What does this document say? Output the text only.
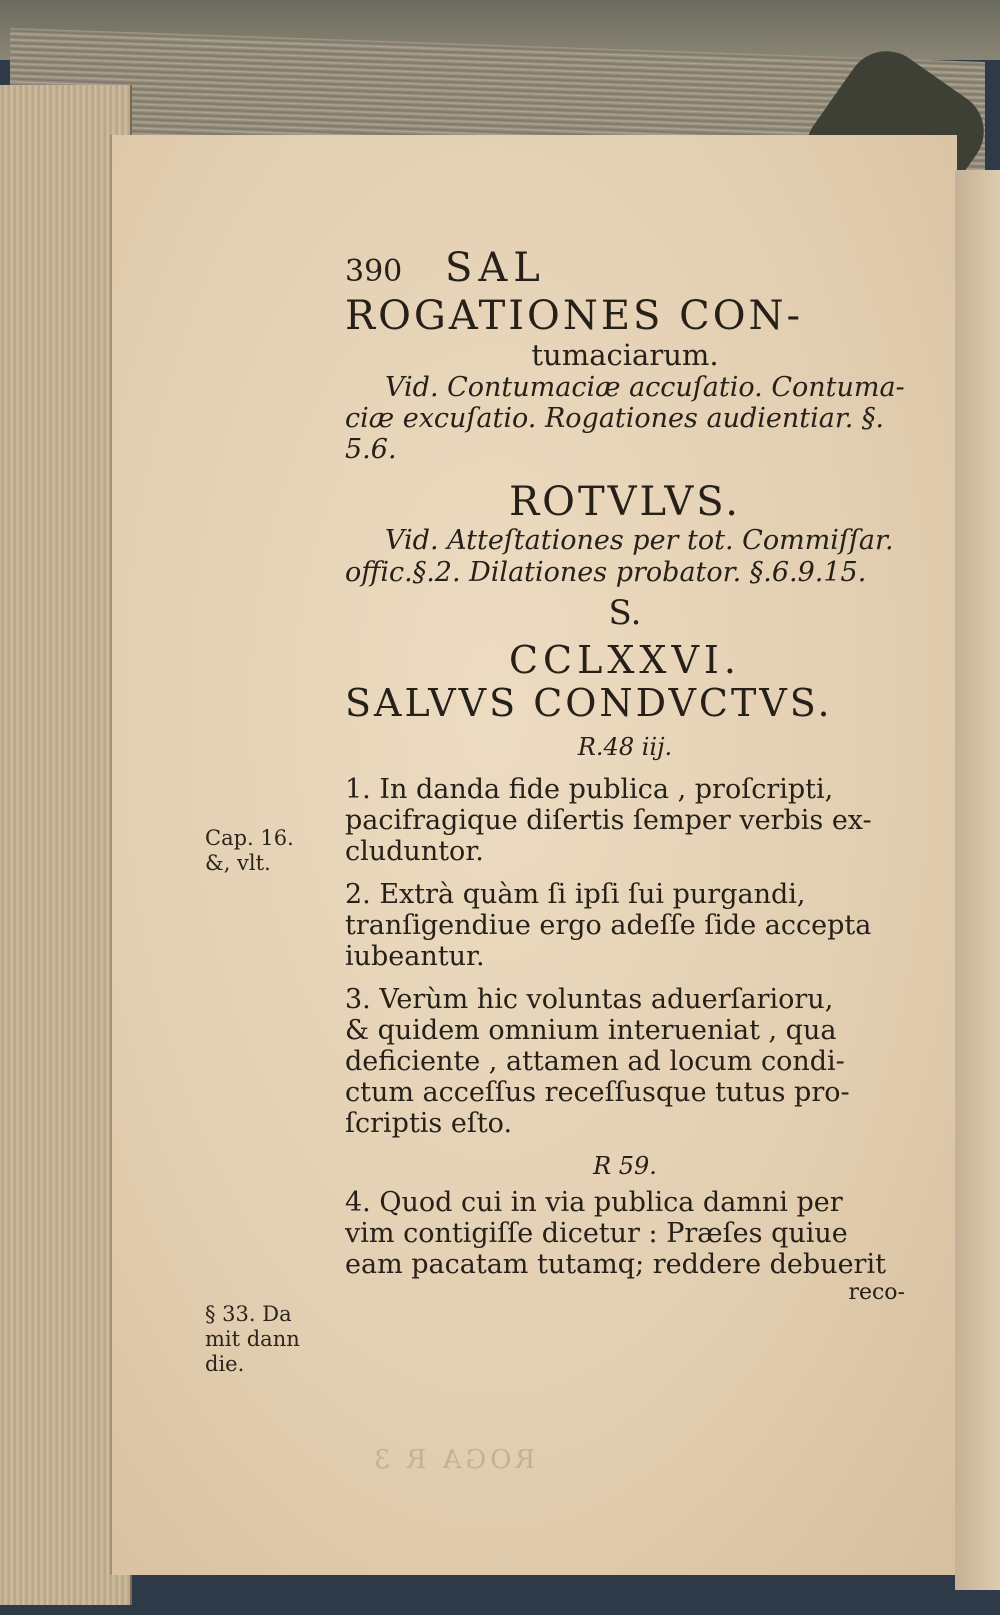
ROGA R 3
390	SAL
ROGATIONES CON-
tumaciarum.
Vid. Contumaciæ accuſatio. Contuma-
ciæ excuſatio. Rogationes audientiar. §.
5.6.
ROTVLVS.
Vid. Atteſtationes per tot. Commiſſar.
offic.§.2. Dilationes probator. §.6.9.15.
S.
CCLXXVI.
SALVVS CONDVCTVS.
R.48 iij.
1. In danda fide publica , proſcripti,
pacifragique diſertis ſemper verbis ex-
cluduntor.
2. Extrà quàm ſi ipſi ſui purgandi,
tranſigendiue ergo adeſſe ſide accepta
iubeantur.
3. Verùm hic voluntas aduerſarioru,
& quidem omnium interueniat , qua
deficiente , attamen ad locum condi-
ctum acceſſus receſſusque tutus pro-
ſcriptis eſto.
R 59.
4. Quod cui in via publica damni per
vim contigiſſe dicetur : Præſes quiue
eam pacatam tutamq; reddere debuerit
reco-
Cap. 16.
&, vlt.
§ 33. Da
mit dann
die.
